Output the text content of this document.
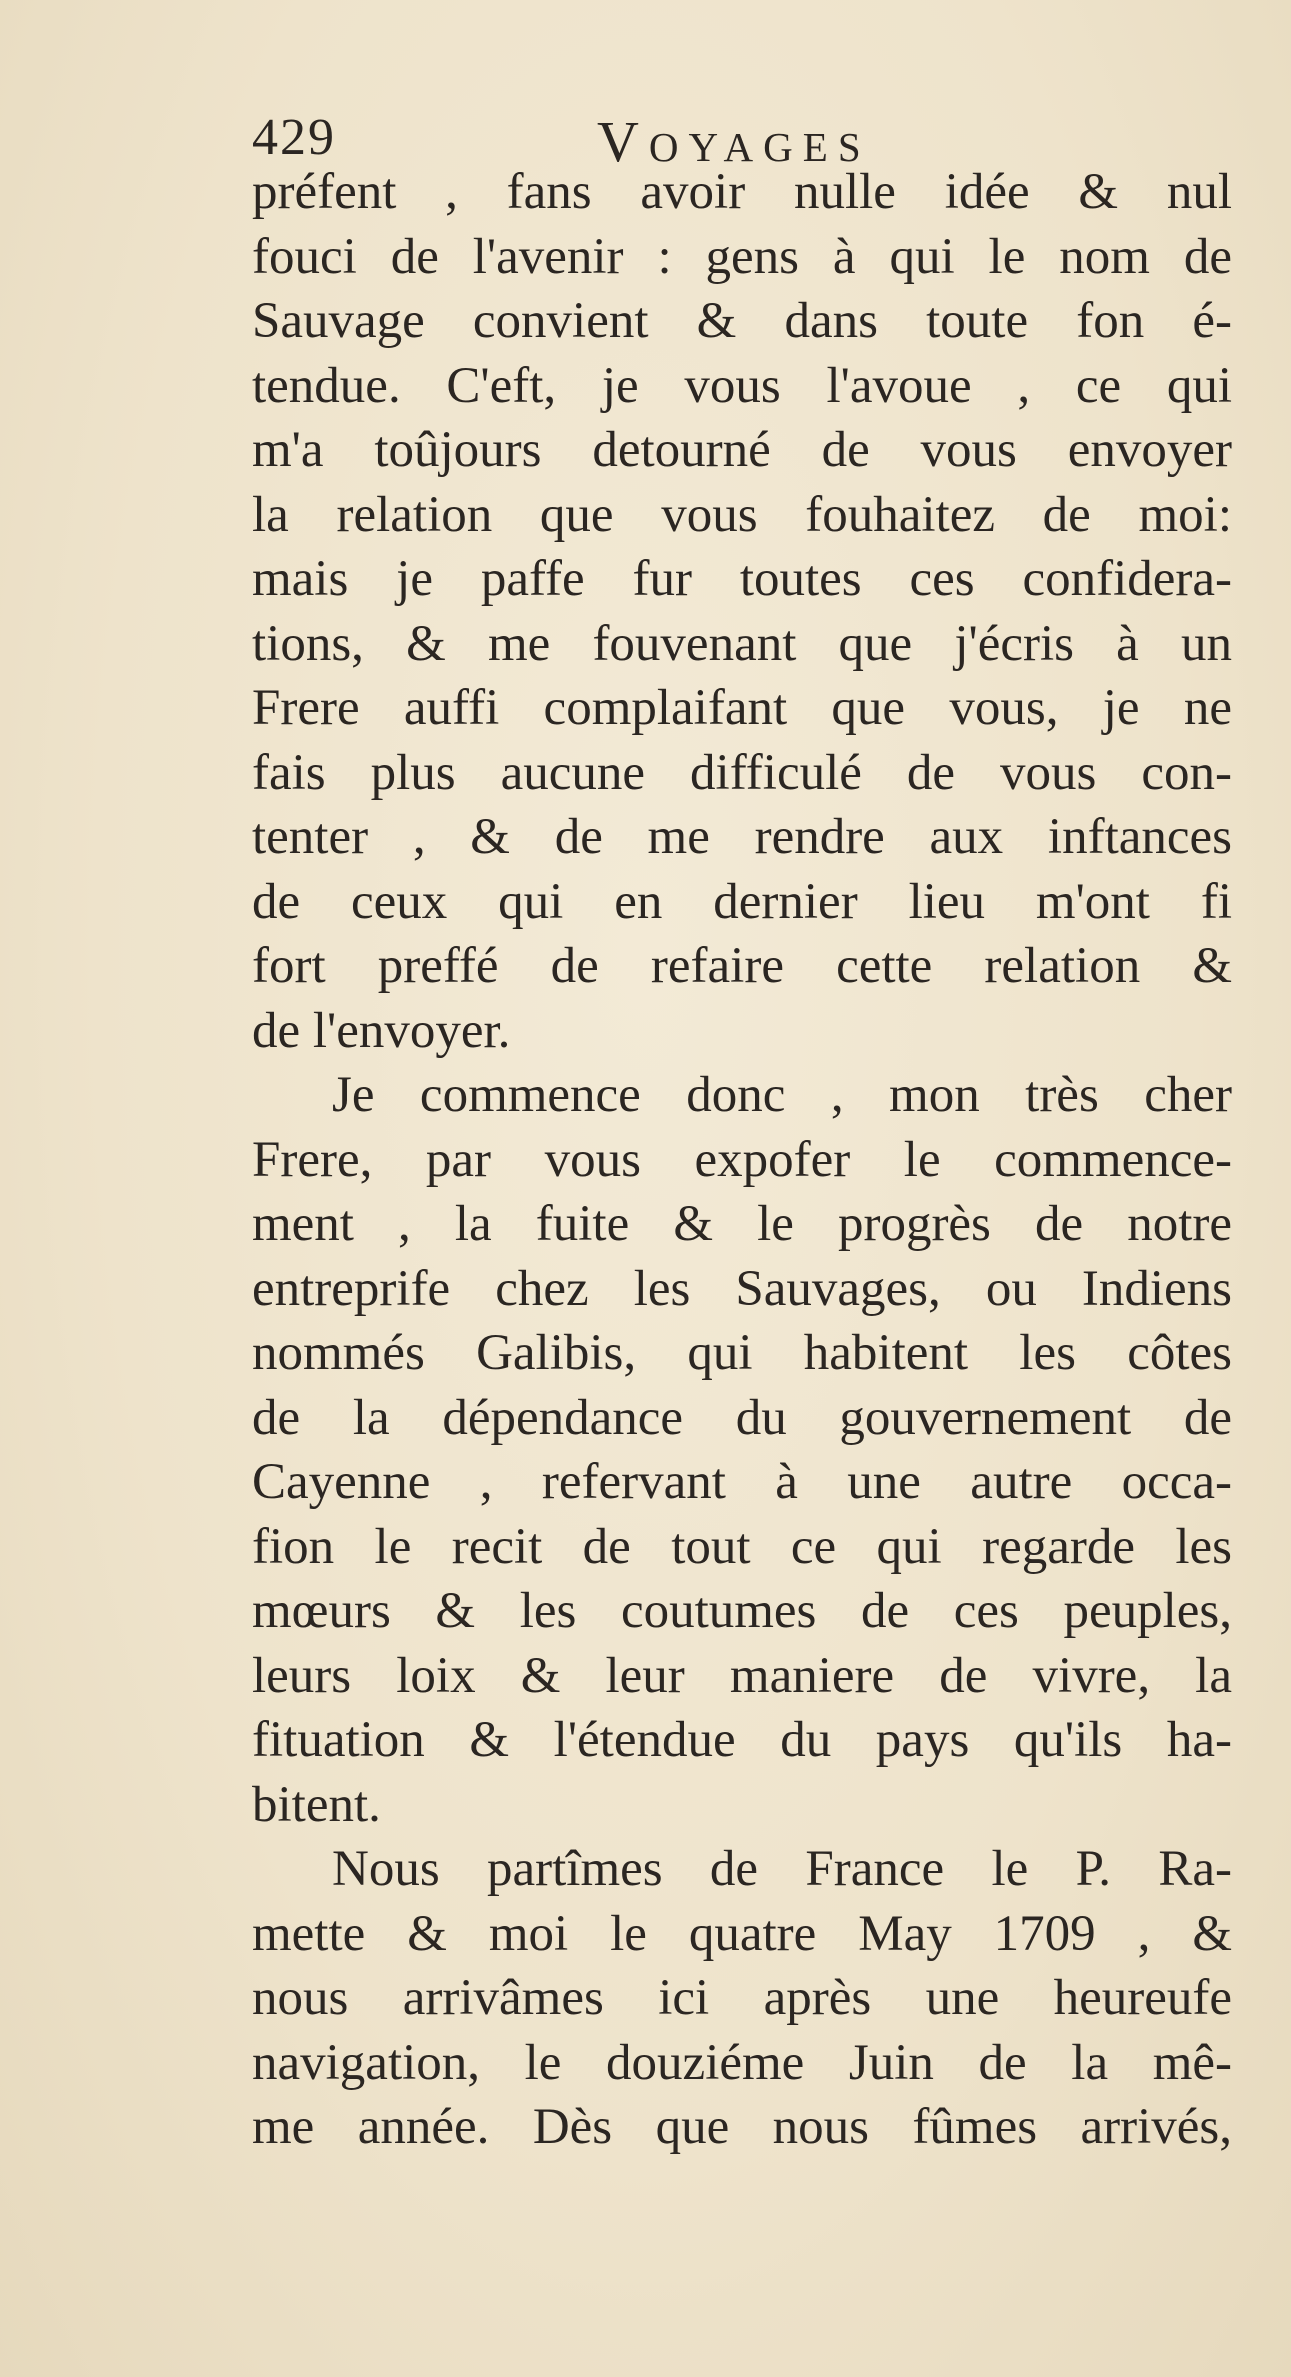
429	Voyages
préfent , fans avoir nulle idée & nul
fouci de l'avenir : gens à qui le nom de
Sauvage convient & dans toute fon é-
tendue. C'eft, je vous l'avoue , ce qui
m'a toûjours detourné de vous envoyer
la relation que vous fouhaitez de moi:
mais je paffe fur toutes ces confidera-
tions, & me fouvenant que j'écris à un
Frere auffi complaifant que vous, je ne
fais plus aucune difficulé de vous con-
tenter , & de me rendre aux inftances
de ceux qui en dernier lieu m'ont fi
fort preffé de refaire cette relation &
de l'envoyer.
Je commence donc , mon très cher
Frere, par vous expofer le commence-
ment , la fuite & le progrès de notre
entreprife chez les Sauvages, ou Indiens
nommés Galibis, qui habitent les côtes
de la dépendance du gouvernement de
Cayenne , refervant à une autre occa-
fion le recit de tout ce qui regarde les
mœurs & les coutumes de ces peuples,
leurs loix & leur maniere de vivre, la
fituation & l'étendue du pays qu'ils ha-
bitent.
Nous partîmes de France le P. Ra-
mette & moi le quatre May 1709 , &
nous arrivâmes ici après une heureufe
navigation, le douziéme Juin de la mê-
me année. Dès que nous fûmes arrivés,
